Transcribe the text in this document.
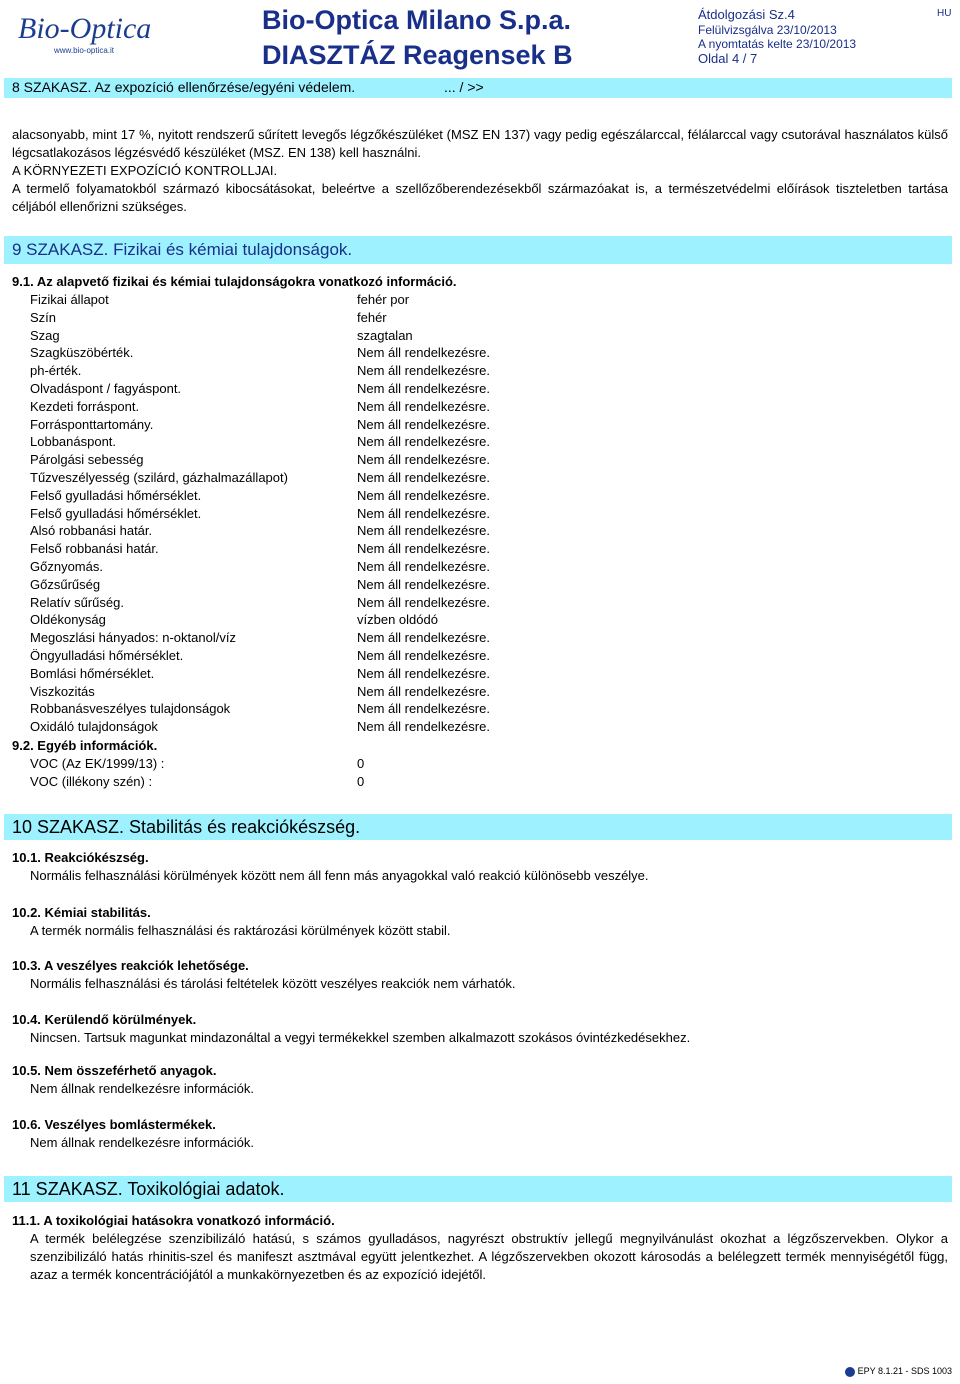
Bio-Optica
www.bio-optica.it
Bio-Optica Milano S.p.a.
DIASZTÁZ Reagensek B
Átdolgozási Sz.4
Felülvizsgálva 23/10/2013
A nyomtatás kelte 23/10/2013
Oldal 4 / 7
HU
8 SZAKASZ. Az expozíció ellenőrzése/egyéni védelem.	... / >>
alacsonyabb, mint 17 %, nyitott rendszerű sűrített levegős légzőkészüléket (MSZ EN 137) vagy pedig egészálarccal, félálarccal vagy csutorával használatos külső légcsatlakozásos légzésvédő készüléket (MSZ. EN 138) kell használni.
A KÖRNYEZETI EXPOZÍCIÓ KONTROLLJAI.
A termelő folyamatokból származó kibocsátásokat, beleértve a szellőzőberendezésekből származóakat is, a természetvédelmi előírások tiszteletben tartása céljából ellenőrizni szükséges.
9 SZAKASZ. Fizikai és kémiai tulajdonságok.
9.1. Az alapvető fizikai és kémiai tulajdonságokra vonatkozó információ.
Fizikai állapot	fehér por
Szín	fehér
Szag	szagtalan
Szagküszöbérték.	Nem áll rendelkezésre.
ph-érték.	Nem áll rendelkezésre.
Olvadáspont / fagyáspont.	Nem áll rendelkezésre.
Kezdeti forráspont.	Nem áll rendelkezésre.
Forrásponttartomány.	Nem áll rendelkezésre.
Lobbanáspont.	Nem áll rendelkezésre.
Párolgási sebesség	Nem áll rendelkezésre.
Tűzveszélyesség (szilárd, gázhalmazállapot)	Nem áll rendelkezésre.
Felső gyulladási hőmérséklet.	Nem áll rendelkezésre.
Felső gyulladási hőmérséklet.	Nem áll rendelkezésre.
Alsó robbanási határ.	Nem áll rendelkezésre.
Felső robbanási határ.	Nem áll rendelkezésre.
Gőznyomás.	Nem áll rendelkezésre.
Gőzsűrűség	Nem áll rendelkezésre.
Relatív sűrűség.	Nem áll rendelkezésre.
Oldékonyság	vízben oldódó
Megoszlási hányados: n-oktanol/víz	Nem áll rendelkezésre.
Öngyulladási hőmérséklet.	Nem áll rendelkezésre.
Bomlási hőmérséklet.	Nem áll rendelkezésre.
Viszkozitás	Nem áll rendelkezésre.
Robbanásveszélyes tulajdonságok	Nem áll rendelkezésre.
Oxidáló tulajdonságok	Nem áll rendelkezésre.
9.2. Egyéb információk.
VOC (Az EK/1999/13) :	0
VOC (illékony szén) :	0
10 SZAKASZ. Stabilitás és reakciókészség.
10.1. Reakciókészség.
Normális felhasználási körülmények között nem áll fenn más anyagokkal való reakció különösebb veszélye.
10.2. Kémiai stabilitás.
A termék normális felhasználási és raktározási körülmények között stabil.
10.3. A veszélyes reakciók lehetősége.
Normális felhasználási és tárolási feltételek között veszélyes reakciók nem várhatók.
10.4. Kerülendő körülmények.
Nincsen. Tartsuk magunkat mindazonáltal a vegyi termékekkel szemben alkalmazott szokásos óvintézkedésekhez.
10.5. Nem összeférhető anyagok.
Nem állnak rendelkezésre információk.
10.6. Veszélyes bomlástermékek.
Nem állnak rendelkezésre információk.
11 SZAKASZ. Toxikológiai adatok.
11.1. A toxikológiai hatásokra vonatkozó információ.
A termék belélegzése szenzibilizáló hatású, s számos gyulladásos, nagyrészt obstruktív jellegű megnyilvánulást okozhat a légzőszervekben. Olykor a szenzibilizáló hatás rhinitis-szel és manifeszt asztmával együtt jelentkezhet. A légzőszervekben okozott károsodás a belélegzett termék mennyiségétől függ, azaz a termék koncentrációjától a munkakörnyezetben és az expozíció idejétől.
EPY 8.1.21 - SDS 1003
